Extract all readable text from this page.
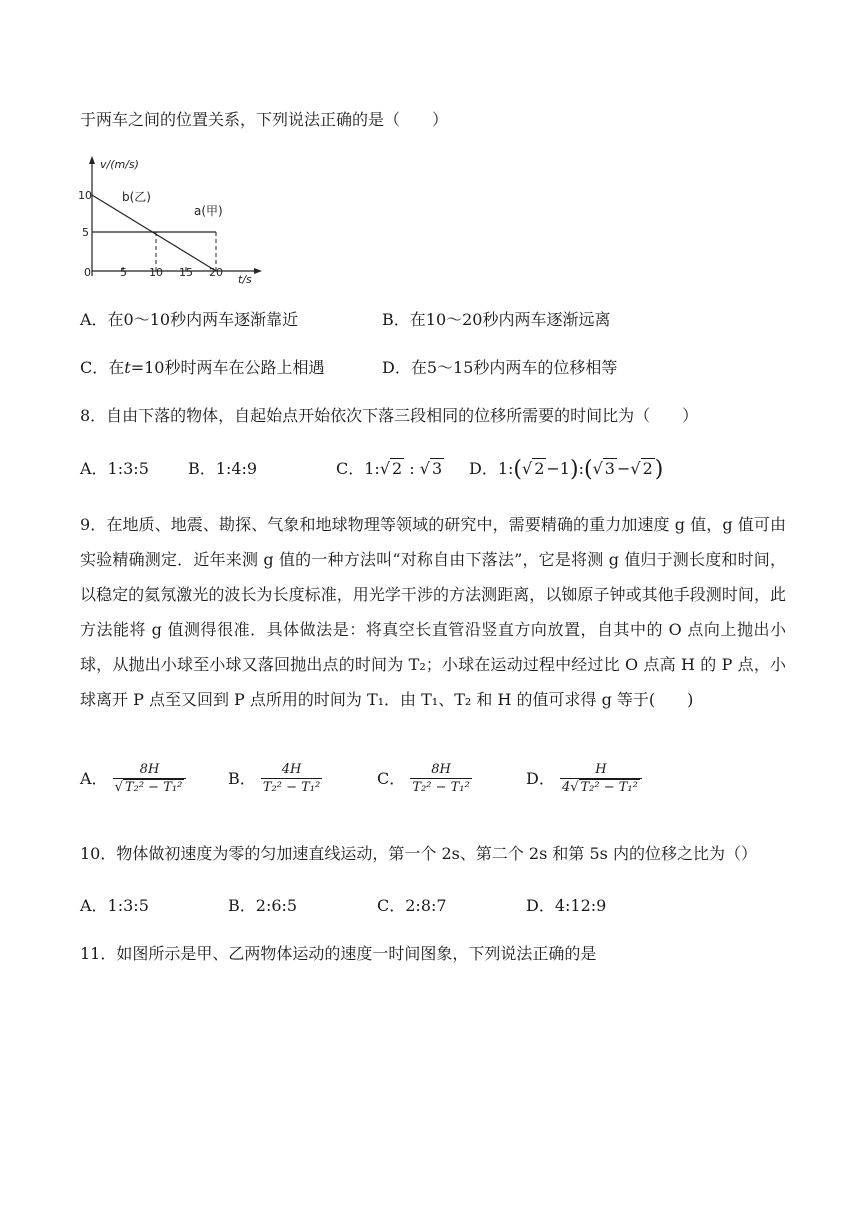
于两车之间的位置关系，下列说法正确的是（　　）
v/(m/s)
t/s
10
5
0	5 10 15 20
b(乙)
a(甲)
A．在0～10秒内两车逐渐靠近	B．在10～20秒内两车逐渐远离
C．在t=10秒时两车在公路上相遇	D．在5～15秒内两车的位移相等
8．自由下落的物体，自起始点开始依次下落三段相同的位移所需要的时间比为（　　）
A．1:3:5 B．1:4:9	C．1:√ 2 : √ 3 D．1:(√ 2 −1):(√ 3 −√ 2)
9．在地质、地震、勘探、气象和地球物理等领域的研究中，需要精确的重力加速度 g 值，g 值可由实验精确测定．近年来测 g 值的一种方法叫“对称自由下落法”，它是将测 g 值归于测长度和时间，以稳定的氦氖激光的波长为长度标准，用光学干涉的方法测距离，以铷原子钟或其他手段测时间，此方法能将 g 值测得很准．具体做法是：将真空长直管沿竖直方向放置，自其中的 O 点向上抛出小球，从抛出小球至小球又落回抛出点的时间为 T₂；小球在运动过程中经过比 O 点高 H 的 P 点，小球离开 P 点至又回到 P 点所用的时间为 T₁．由 T₁、T₂ 和 H 的值可求得 g 等于(　　)
A． $\frac{8H}{\text{√ T₂² − T₁²}}$	B． $\frac{4H}{\text{T₂² − T₁²}}$	C． $\frac{8H}{\text{T₂² − T₁²}}$	D． $\frac{H}{\text{4√ T₂² − T₁²}}$
10．物体做初速度为零的匀加速直线运动，第一个 2s、第二个 2s 和第 5s 内的位移之比为（）
A．1:3:5	B．2:6:5	C．2:8:7	D．4:12:9
11．如图所示是甲、乙两物体运动的速度一时间图象，下列说法正确的是
